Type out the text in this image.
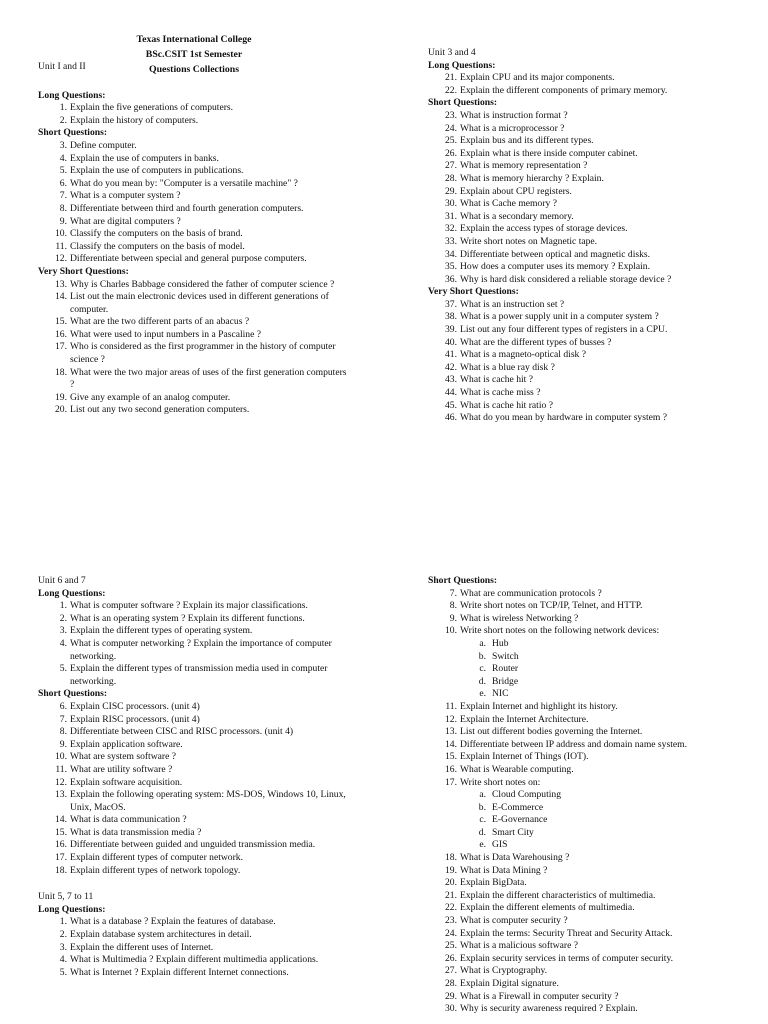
Texas International College
BSc.CSIT 1st Semester
Questions Collections

Unit I and II

Long Questions:

1. Explain the five generations of computers.
2. Explain the history of computers.

Short Questions:

3. Define computer.
4. Explain the use of computers in banks.
5. Explain the use of computers in publications.
6. What do you mean by: "Computer is a versatile machine" ?
7. What is a computer system ?
8. Differentiate between third and fourth generation computers.
9. What are digital computers ?
10. Classify the computers on the basis of brand.
11. Classify the computers on the basis of model.
12. Differentiate between special and general purpose computers.

Very Short Questions:

13. Why is Charles Babbage considered the father of computer science ?
14. List out the main electronic devices used in different generations of computer.
15. What are the two different parts of an abacus ?
16. What were used to input numbers in a Pascaline ?
17. Who is considered as the first programmer in the history of computer science ?
18. What were the two major areas of uses of the first generation computers ?
19. Give any example of an analog computer.
20. List out any two second generation computers.

Unit 3 and 4

Long Questions:

21. Explain CPU and its major components.
22. Explain the different components of primary memory.

Short Questions:

23. What is instruction format ?
24. What is a microprocessor ?
25. Explain bus and its different types.
26. Explain what is there inside computer cabinet.
27. What is memory representation ?
28. What is memory hierarchy ? Explain.
29. Explain about CPU registers.
30. What is Cache memory ?
31. What is a secondary memory.
32. Explain the access types of storage devices.
33. Write short notes on Magnetic tape.
34. Differentiate between optical and magnetic disks.
35. How does a computer uses its memory ? Explain.
36. Why is hard disk considered a reliable storage device ?

Very Short Questions:

37. What is an instruction set ?
38. What is a power supply unit in a computer system ?
39. List out any four different types of registers in a CPU.
40. What are the different types of busses ?
41. What is a magneto-optical disk ?
42. What is a blue ray disk ?
43. What is cache hit ?
44. What is cache miss ?
45. What is cache hit ratio ?
46. What do you mean by hardware in computer system ?

Unit 6 and 7

Long Questions:

1. What is computer software ? Explain its major classifications.
2. What is an operating system ? Explain its different functions.
3. Explain the different types of operating system.
4. What is computer networking ? Explain the importance of computer networking.
5. Explain the different types of transmission media used in computer networking.

Short Questions:

6. Explain CISC processors. (unit 4)
7. Explain RISC processors. (unit 4)
8. Differentiate between CISC and RISC processors. (unit 4)
9. Explain application software.
10. What are system software ?
11. What are utility software ?
12. Explain software acquisition.
13. Explain the following operating system: MS-DOS, Windows 10, Linux, Unix, MacOS.
14. What is data communication ?
15. What is data transmission media ?
16. Differentiate between guided and unguided transmission media.
17. Explain different types of computer network.
18. Explain different types of network topology.

Unit 5, 7 to 11

Long Questions:

1. What is a database ? Explain the features of database.
2. Explain database system architectures in detail.
3. Explain the different uses of Internet.
4. What is Multimedia ? Explain different multimedia applications.
5. What is Internet ? Explain different Internet connections.

Short Questions:

7. What are communication protocols ?
8. Write short notes on TCP/IP, Telnet, and HTTP.
9. What is wireless Networking ?
10. Write short notes on the following network devices:
a. Hub
b. Switch
c. Router
d. Bridge
e. NIC
11. Explain Internet and highlight its history.
12. Explain the Internet Architecture.
13. List out different bodies governing the Internet.
14. Differentiate between IP address and domain name system.
15. Explain Internet of Things (IOT).
16. What is Wearable computing.
17. Write short notes on:
a. Cloud Computing
b. E-Commerce
c. E-Governance
d. Smart City
e. GIS
18. What is Data Warehousing ?
19. What is Data Mining ?
20. Explain BigData.
21. Explain the different characteristics of multimedia.
22. Explain the different elements of multimedia.
23. What is computer security ?
24. Explain the terms: Security Threat and Security Attack.
25. What is a malicious software ?
26. Explain security services in terms of computer security.
27. What is Cryptography.
28. Explain Digital signature.
29. What is a Firewall in computer security ?
30. Why is security awareness required ? Explain.
